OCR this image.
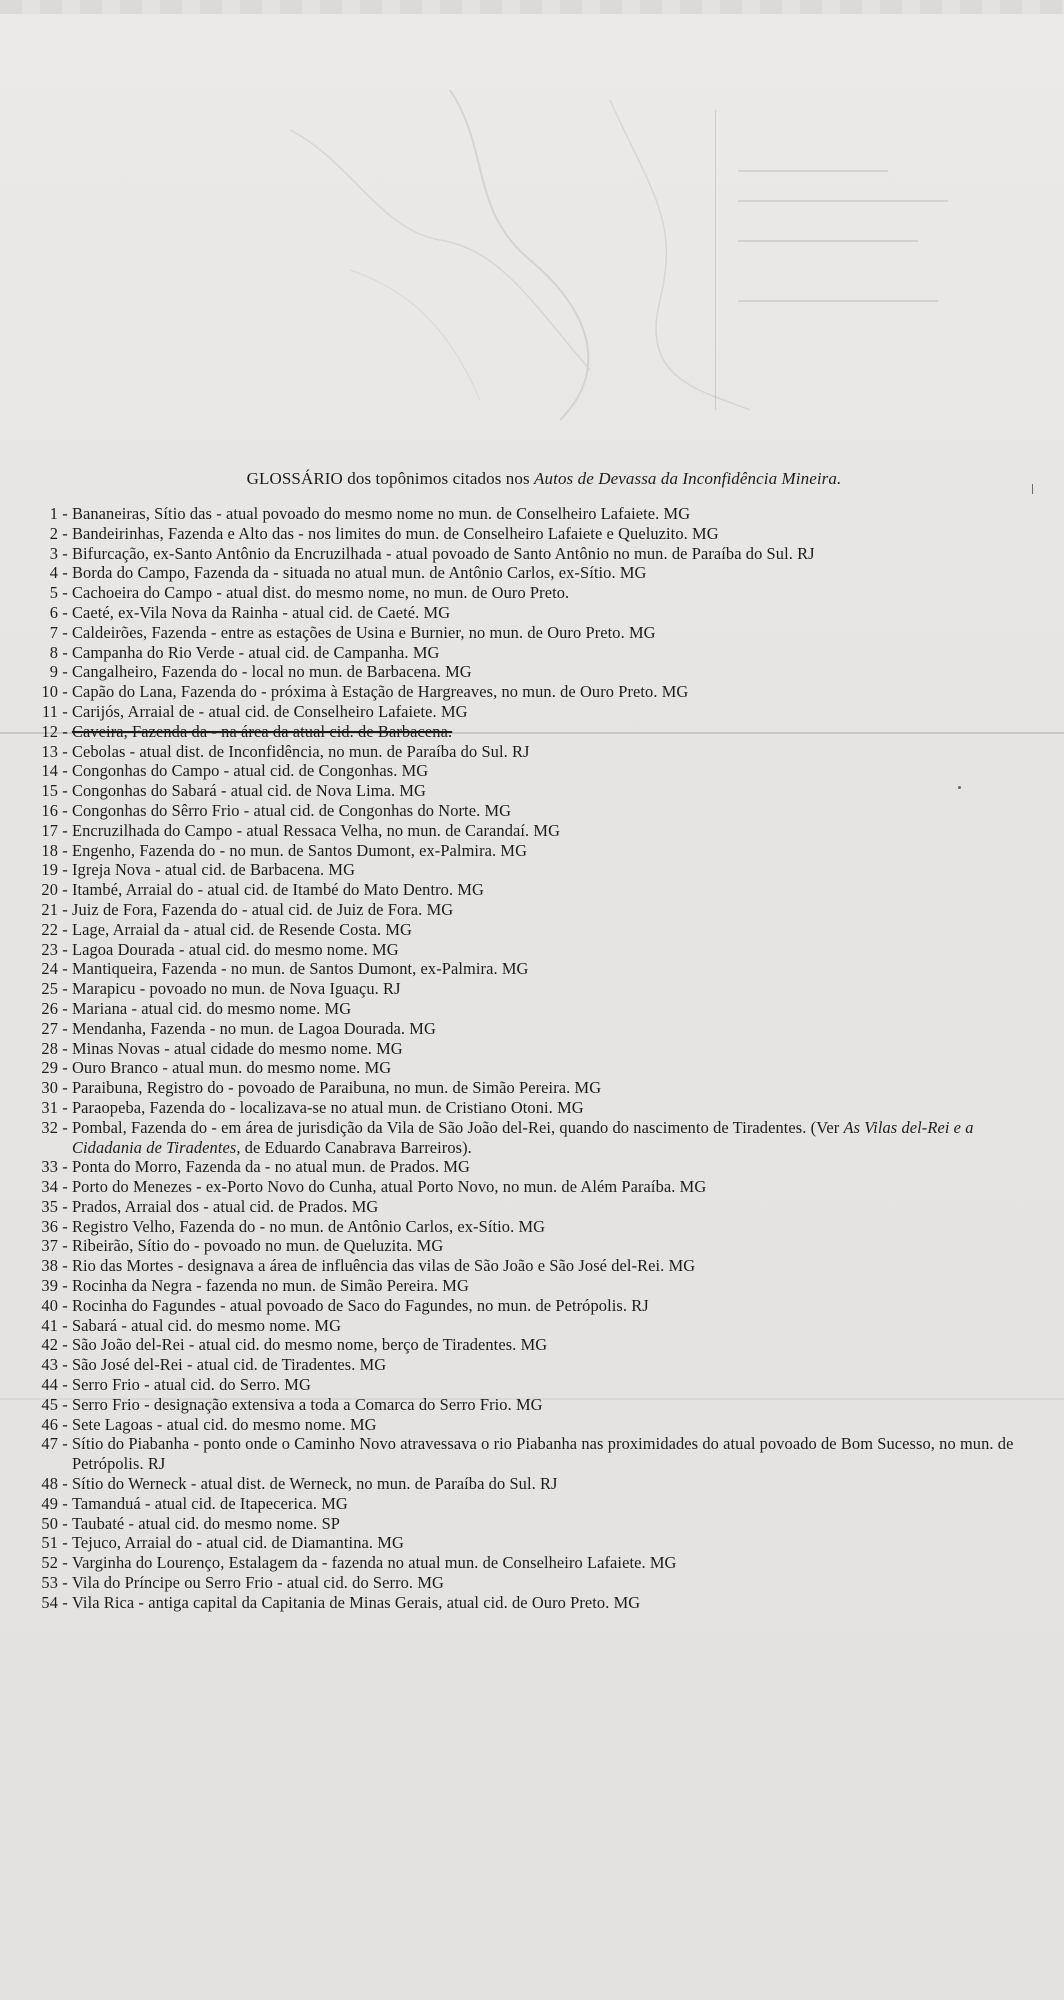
GLOSSÁRIO dos topônimos citados nos Autos de Devassa da Inconfidência Mineira.
1 - Bananeiras, Sítio das - atual povoado do mesmo nome no mun. de Conselheiro Lafaiete. MG
2 - Bandeirinhas, Fazenda e Alto das - nos limites do mun. de Conselheiro Lafaiete e Queluzito. MG
3 - Bifurcação, ex-Santo Antônio da Encruzilhada - atual povoado de Santo Antônio no mun. de Paraíba do Sul. RJ
4 - Borda do Campo, Fazenda da - situada no atual mun. de Antônio Carlos, ex-Sítio. MG
5 - Cachoeira do Campo - atual dist. do mesmo nome, no mun. de Ouro Preto.
6 - Caeté, ex-Vila Nova da Rainha - atual cid. de Caeté. MG
7 - Caldeirões, Fazenda - entre as estações de Usina e Burnier, no mun. de Ouro Preto. MG
8 - Campanha do Rio Verde - atual cid. de Campanha. MG
9 - Cangalheiro, Fazenda do - local no mun. de Barbacena. MG
10 - Capão do Lana, Fazenda do - próxima à Estação de Hargreaves, no mun. de Ouro Preto. MG
11 - Carijós, Arraial de - atual cid. de Conselheiro Lafaiete. MG
12 - Caveira, Fazenda da - na área da atual cid. de Barbacena.
13 - Cebolas - atual dist. de Inconfidência, no mun. de Paraíba do Sul. RJ
14 - Congonhas do Campo - atual cid. de Congonhas. MG
15 - Congonhas do Sabará - atual cid. de Nova Lima. MG
16 - Congonhas do Sêrro Frio - atual cid. de Congonhas do Norte. MG
17 - Encruzilhada do Campo - atual Ressaca Velha, no mun. de Carandaí. MG
18 - Engenho, Fazenda do - no mun. de Santos Dumont, ex-Palmira. MG
19 - Igreja Nova - atual cid. de Barbacena. MG
20 - Itambé, Arraial do - atual cid. de Itambé do Mato Dentro. MG
21 - Juiz de Fora, Fazenda do - atual cid. de Juiz de Fora. MG
22 - Lage, Arraial da - atual cid. de Resende Costa. MG
23 - Lagoa Dourada - atual cid. do mesmo nome. MG
24 - Mantiqueira, Fazenda - no mun. de Santos Dumont, ex-Palmira. MG
25 - Marapicu - povoado no mun. de Nova Iguaçu. RJ
26 - Mariana - atual cid. do mesmo nome. MG
27 - Mendanha, Fazenda - no mun. de Lagoa Dourada. MG
28 - Minas Novas - atual cidade do mesmo nome. MG
29 - Ouro Branco - atual mun. do mesmo nome. MG
30 - Paraibuna, Registro do - povoado de Paraibuna, no mun. de Simão Pereira. MG
31 - Paraopeba, Fazenda do - localizava-se no atual mun. de Cristiano Otoni. MG
32 - Pombal, Fazenda do - em área de jurisdição da Vila de São João del-Rei, quando do nascimento de Tiradentes. (Ver As Vilas del-Rei e a Cidadania de Tiradentes, de Eduardo Canabrava Barreiros).
33 - Ponta do Morro, Fazenda da - no atual mun. de Prados. MG
34 - Porto do Menezes - ex-Porto Novo do Cunha, atual Porto Novo, no mun. de Além Paraíba. MG
35 - Prados, Arraial dos - atual cid. de Prados. MG
36 - Registro Velho, Fazenda do - no mun. de Antônio Carlos, ex-Sítio. MG
37 - Ribeirão, Sítio do - povoado no mun. de Queluzita. MG
38 - Rio das Mortes - designava a área de influência das vilas de São João e São José del-Rei. MG
39 - Rocinha da Negra - fazenda no mun. de Simão Pereira. MG
40 - Rocinha do Fagundes - atual povoado de Saco do Fagundes, no mun. de Petrópolis. RJ
41 - Sabará - atual cid. do mesmo nome. MG
42 - São João del-Rei - atual cid. do mesmo nome, berço de Tiradentes. MG
43 - São José del-Rei - atual cid. de Tiradentes. MG
44 - Serro Frio - atual cid. do Serro. MG
45 - Serro Frio - designação extensiva a toda a Comarca do Serro Frio. MG
46 - Sete Lagoas - atual cid. do mesmo nome. MG
47 - Sítio do Piabanha - ponto onde o Caminho Novo atravessava o rio Piabanha nas proximidades do atual povoado de Bom Sucesso, no mun. de Petrópolis. RJ
48 - Sítio do Werneck - atual dist. de Werneck, no mun. de Paraíba do Sul. RJ
49 - Tamanduá - atual cid. de Itapecerica. MG
50 - Taubaté - atual cid. do mesmo nome. SP
51 - Tejuco, Arraial do - atual cid. de Diamantina. MG
52 - Varginha do Lourenço, Estalagem da - fazenda no atual mun. de Conselheiro Lafaiete. MG
53 - Vila do Príncipe ou Serro Frio - atual cid. do Serro. MG
54 - Vila Rica - antiga capital da Capitania de Minas Gerais, atual cid. de Ouro Preto. MG
